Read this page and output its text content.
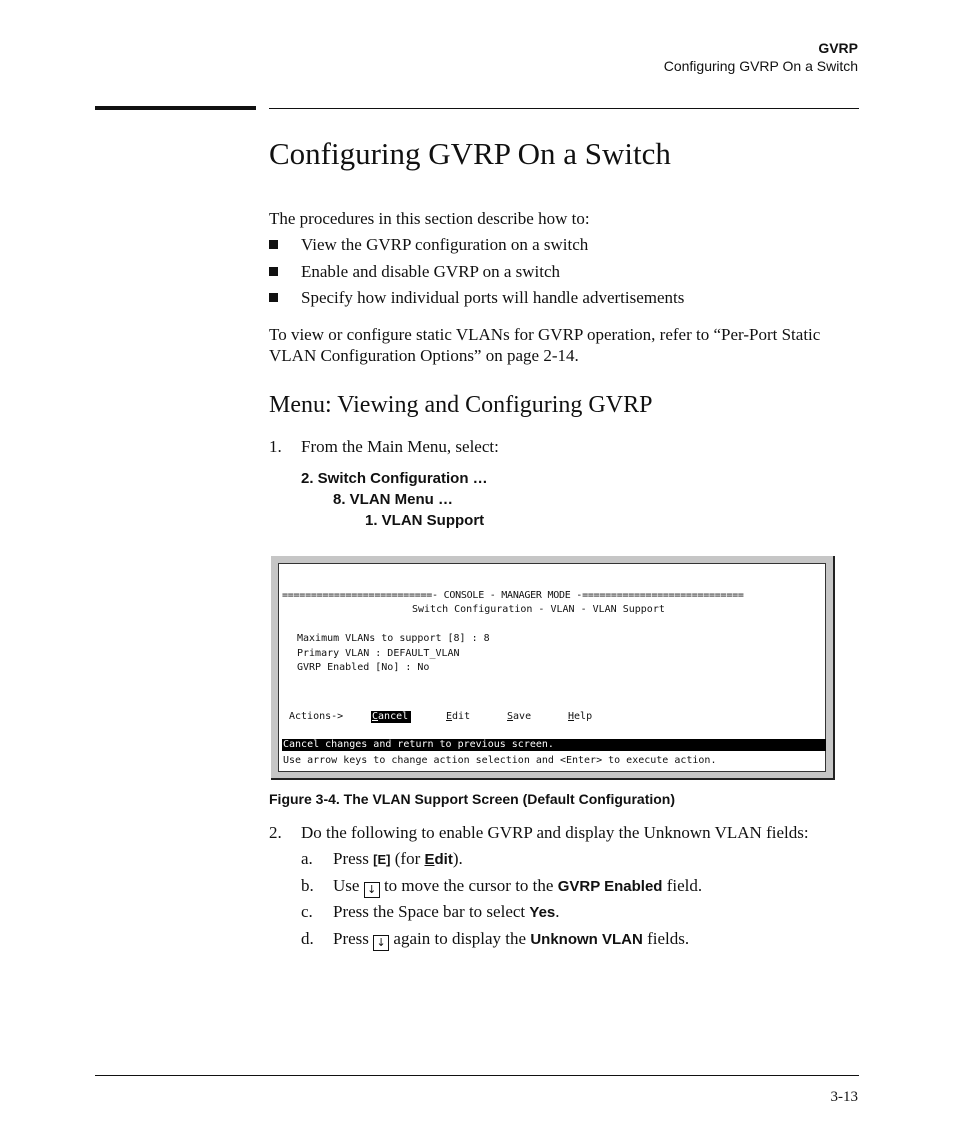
GVRP
Configuring GVRP On a Switch
Configuring GVRP On a Switch
The procedures in this section describe how to:
View the GVRP configuration on a switch
Enable and disable GVRP on a switch
Specify how individual ports will handle advertisements
To view or configure static VLANs for GVRP operation, refer to “Per-Port Static VLAN Configuration Options” on page 2-14.
Menu: Viewing and Configuring GVRP
1. From the Main Menu, select:
2. Switch Configuration …
8. VLAN Menu …
1. VLAN Support
==========================- CONSOLE - MANAGER MODE -============================
Switch Configuration - VLAN - VLAN Support
Maximum VLANs to support [8] : 8
Primary VLAN : DEFAULT_VLAN
GVRP Enabled [No] : No
Actions->	Cancel	Edit	Save	Help
Cancel changes and return to previous screen.
Use arrow keys to change action selection and <Enter> to execute action.
Figure 3-4. The VLAN Support Screen (Default Configuration)
2. Do the following to enable GVRP and display the Unknown VLAN fields:
a. Press [E] (for Edit).
b. Use ↓ to move the cursor to the GVRP Enabled field.
c. Press the Space bar to select Yes.
d. Press ↓ again to display the Unknown VLAN fields.
3-13
